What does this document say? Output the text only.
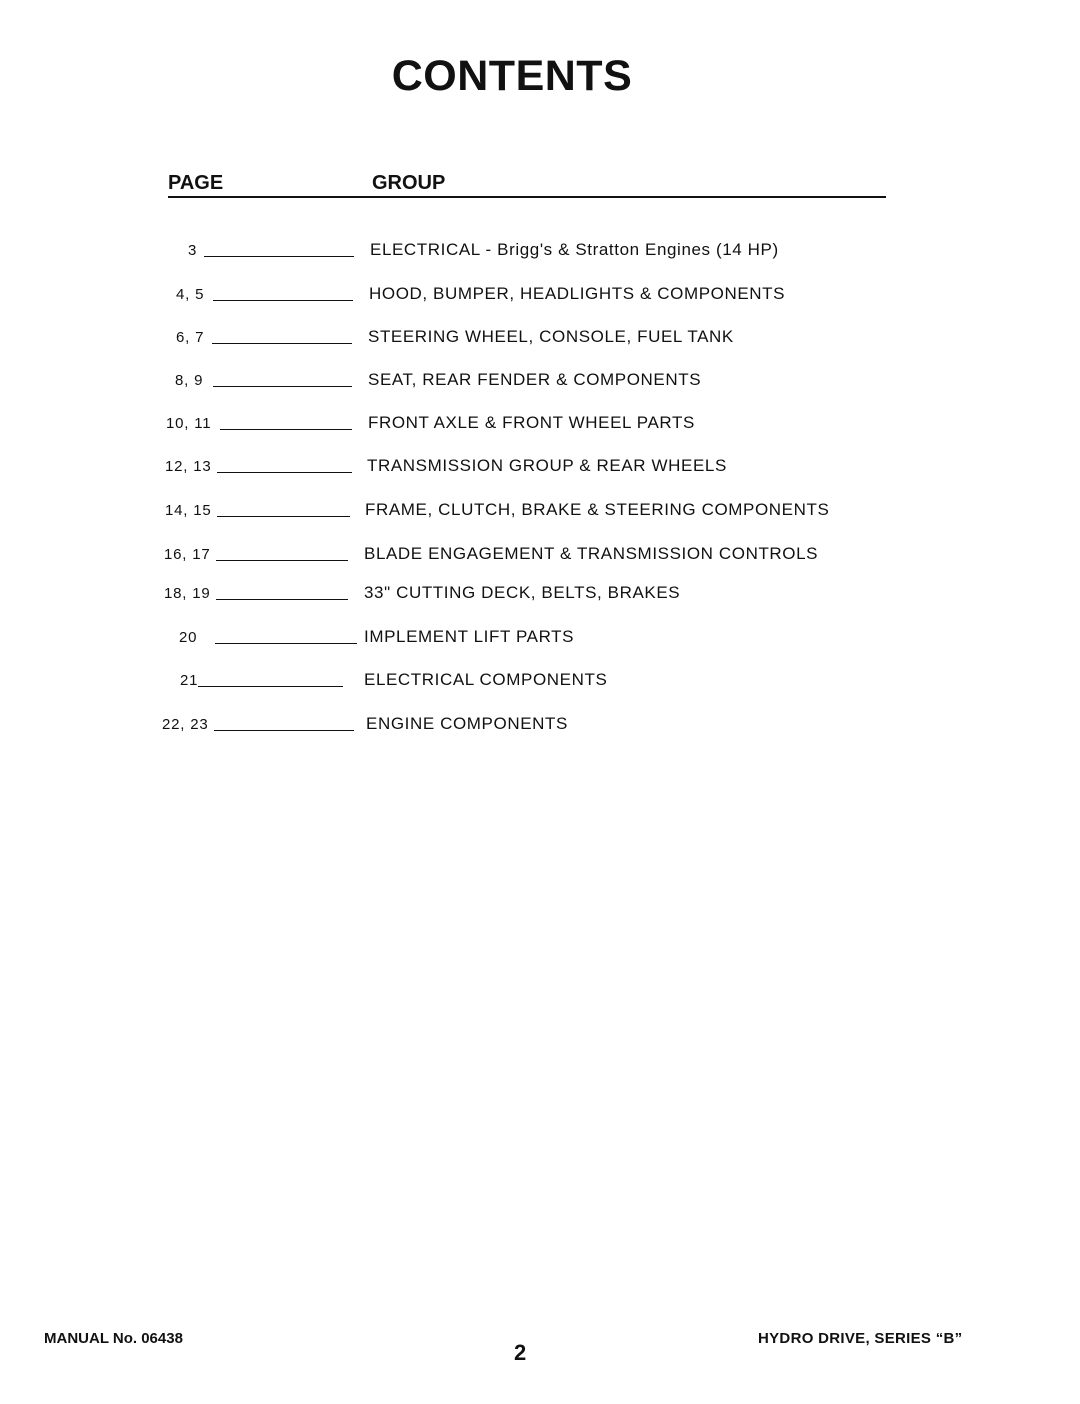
CONTENTS
PAGE	GROUP
3	ELECTRICAL - Brigg's & Stratton Engines (14 HP)
4, 5	HOOD, BUMPER, HEADLIGHTS & COMPONENTS
6, 7	STEERING WHEEL, CONSOLE, FUEL TANK
8, 9	SEAT, REAR FENDER & COMPONENTS
10, 11	FRONT AXLE & FRONT WHEEL PARTS
12, 13	TRANSMISSION GROUP & REAR WHEELS
14, 15	FRAME, CLUTCH, BRAKE & STEERING COMPONENTS
16, 17	BLADE ENGAGEMENT & TRANSMISSION CONTROLS
18, 19	33" CUTTING DECK, BELTS, BRAKES
20	IMPLEMENT LIFT PARTS
21	ELECTRICAL COMPONENTS
22, 23	ENGINE COMPONENTS
MANUAL No. 06438
2
HYDRO DRIVE, SERIES “B”
